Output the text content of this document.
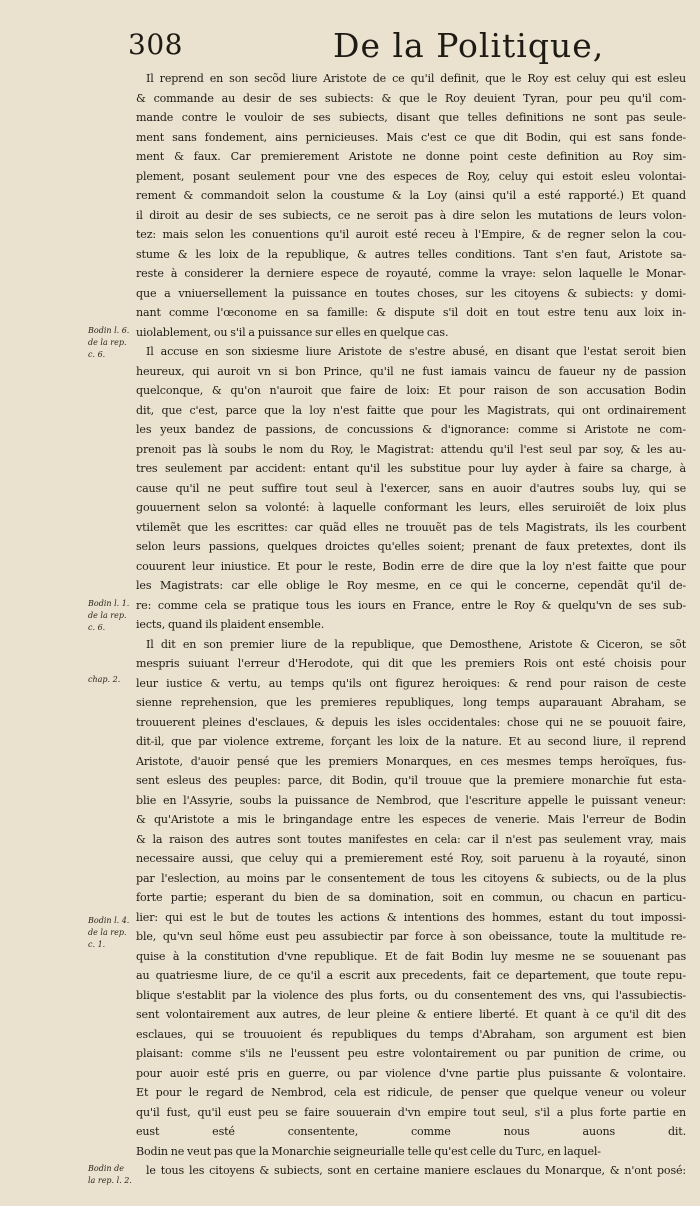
308	De la Politique,
Bodin l. 6.
de la rep.
c. 6.
Bodin l. 1.
de la rep.
c. 6.
chap. 2.
Bodin l. 4.
de la rep.
c. 1.
Bodin de
la rep. l. 2.
Il reprend en son secõd liure Aristote de ce qu'il definit, que le Roy est celuy qui est esleu
& commande au desir de ses subiects: & que le Roy deuient Tyran, pour peu qu'il com-
mande contre le vouloir de ses subiects, disant que telles definitions ne sont pas seule-
ment sans fondement, ains pernicieuses. Mais c'est ce que dit Bodin, qui est sans fonde-
ment & faux. Car premierement Aristote ne donne point ceste definition au Roy sim-
plement, posant seulement pour vne des especes de Roy, celuy qui estoit esleu volontai-
rement & commandoit selon la coustume & la Loy (ainsi qu'il a esté rapporté.) Et quand
il diroit au desir de ses subiects, ce ne seroit pas à dire selon les mutations de leurs volon-
tez: mais selon les conuentions qu'il auroit esté receu à l'Empire, & de regner selon la cou-
stume & les loix de la republique, & autres telles conditions. Tant s'en faut, Aristote sa-
reste à considerer la derniere espece de royauté, comme la vraye: selon laquelle le Monar-
que a vniuersellement la puissance en toutes choses, sur les citoyens & subiects: y domi-
nant comme l'œconome en sa famille: & dispute s'il doit en tout estre tenu aux loix in-
uiolablement, ou s'il a puissance sur elles en quelque cas.
Il accuse en son sixiesme liure Aristote de s'estre abusé, en disant que l'estat seroit bien
heureux, qui auroit vn si bon Prince, qu'il ne fust iamais vaincu de faueur ny de passion
quelconque, & qu'on n'auroit que faire de loix: Et pour raison de son accusation Bodin
dit, que c'est, parce que la loy n'est faitte que pour les Magistrats, qui ont ordinairement
les yeux bandez de passions, de concussions & d'ignorance: comme si Aristote ne com-
prenoit pas là soubs le nom du Roy, le Magistrat: attendu qu'il l'est seul par soy, & les au-
tres seulement par accident: entant qu'il les substitue pour luy ayder à faire sa charge, à
cause qu'il ne peut suffire tout seul à l'exercer, sans en auoir d'autres soubs luy, qui se
gouuernent selon sa volonté: à laquelle conformant les leurs, elles seruiroiẽt de loix plus
vtilemẽt que les escrittes: car quãd elles ne trouuẽt pas de tels Magistrats, ils les courbent
selon leurs passions, quelques droictes qu'elles soient; prenant de faux pretextes, dont ils
couurent leur iniustice. Et pour le reste, Bodin erre de dire que la loy n'est faitte que pour
les Magistrats: car elle oblige le Roy mesme, en ce qui le concerne, cependãt qu'il de-
re: comme cela se pratique tous les iours en France, entre le Roy & quelqu'vn de ses sub-
iects, quand ils plaident ensemble.
Il dit en son premier liure de la republique, que Demosthene, Aristote & Ciceron, se sõt
mespris suiuant l'erreur d'Herodote, qui dit que les premiers Rois ont esté choisis pour
leur iustice & vertu, au temps qu'ils ont figurez heroiques: & rend pour raison de ceste
sienne reprehension, que les premieres republiques, long temps auparauant Abraham, se
trouuerent pleines d'esclaues, & depuis les isles occidentales: chose qui ne se pouuoit faire,
dit-il, que par violence extreme, forçant les loix de la nature. Et au second liure, il reprend
Aristote, d'auoir pensé que les premiers Monarques, en ces mesmes temps heroïques, fus-
sent esleus des peuples: parce, dit Bodin, qu'il trouue que la premiere monarchie fut esta-
blie en l'Assyrie, soubs la puissance de Nembrod, que l'escriture appelle le puissant veneur:
& qu'Aristote a mis le bringandage entre les especes de venerie. Mais l'erreur de Bodin
& la raison des autres sont toutes manifestes en cela: car il n'est pas seulement vray, mais
necessaire aussi, que celuy qui a premierement esté Roy, soit paruenu à la royauté, sinon
par l'eslection, au moins par le consentement de tous les citoyens & subiects, ou de la plus
forte partie; esperant du bien de sa domination, soit en commun, ou chacun en particu-
lier: qui est le but de toutes les actions & intentions des hommes, estant du tout impossi-
ble, qu'vn seul hõme eust peu assubiectir par force à son obeissance, toute la multitude re-
quise à la constitution d'vne republique. Et de fait Bodin luy mesme ne se souuenant pas
au quatriesme liure, de ce qu'il a escrit aux precedents, fait ce departement, que toute repu-
blique s'establit par la violence des plus forts, ou du consentement des vns, qui l'assubiectis-
sent volontairement aux autres, de leur pleine & entiere liberté. Et quant à ce qu'il dit des
esclaues, qui se trouuoient és republiques du temps d'Abraham, son argument est bien
plaisant: comme s'ils ne l'eussent peu estre volontairement ou par punition de crime, ou
pour auoir esté pris en guerre, ou par violence d'vne partie plus puissante & volontaire.
Et pour le regard de Nembrod, cela est ridicule, de penser que quelque veneur ou voleur
qu'il fust, qu'il eust peu se faire souuerain d'vn empire tout seul, s'il a plus forte partie en
eust esté consentente, comme nous auons dit.
Bodin ne veut pas que la Monarchie seigneurialle telle qu'est celle du Turc, en laquel-
le tous les citoyens & subiects, sont en certaine maniere esclaues du Monarque, & n'ont posé:
